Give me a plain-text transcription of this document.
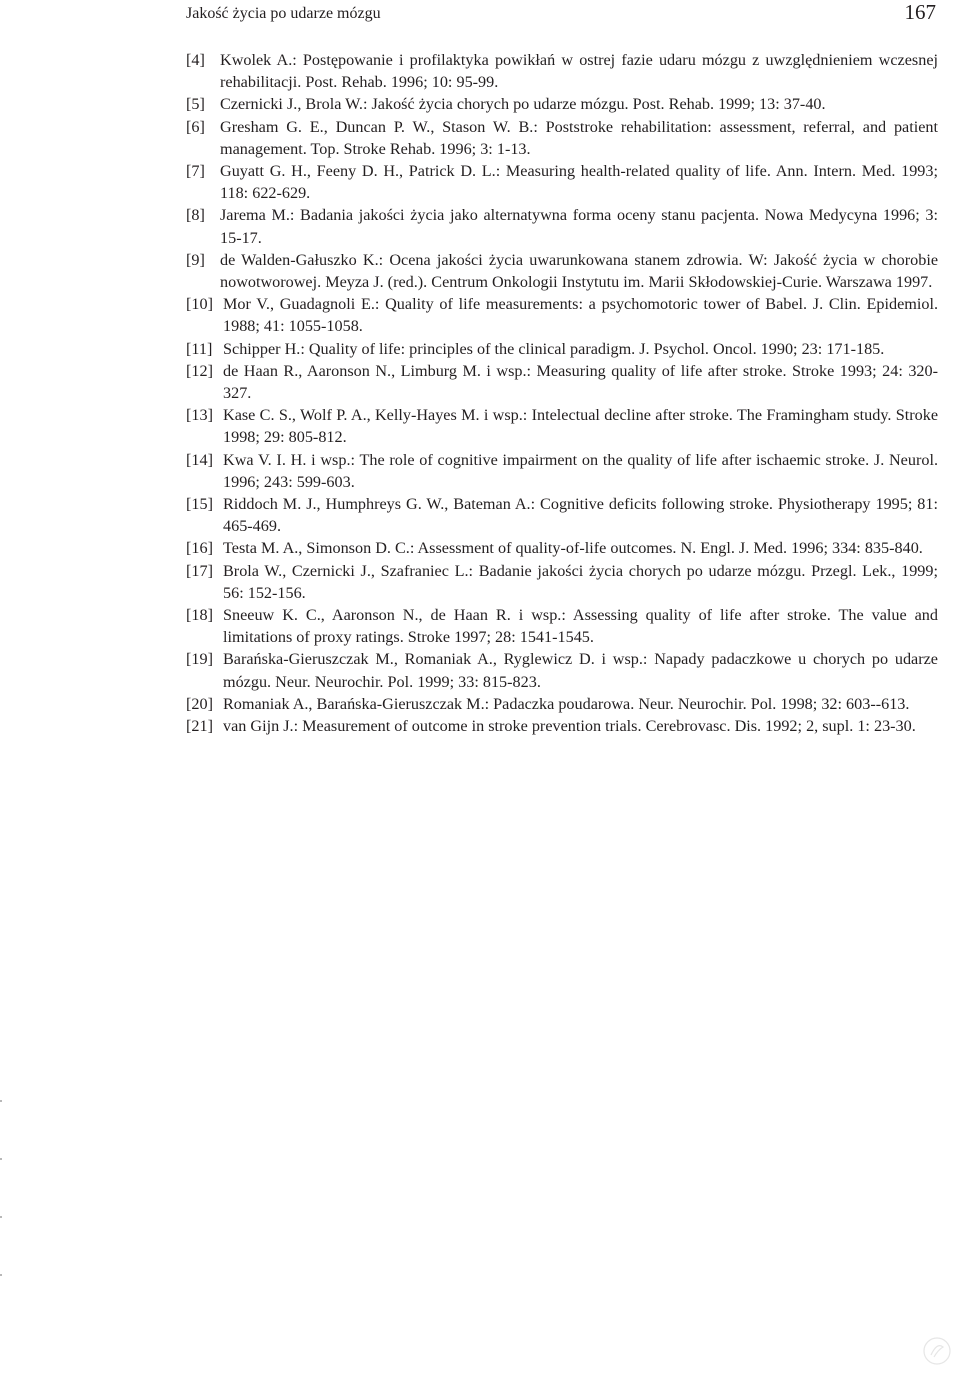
Jakość życia po udarze mózgu	167
[4] Kwolek A.: Postępowanie i profilaktyka powikłań w ostrej fazie udaru mózgu z uwzględnieniem wczesnej rehabilitacji. Post. Rehab. 1996; 10: 95-99.
[5] Czernicki J., Brola W.: Jakość życia chorych po udarze mózgu. Post. Rehab. 1999; 13: 37-40.
[6] Gresham G. E., Duncan P. W., Stason W. B.: Poststroke rehabilitation: assessment, referral, and patient management. Top. Stroke Rehab. 1996; 3: 1-13.
[7] Guyatt G. H., Feeny D. H., Patrick D. L.: Measuring health-related quality of life. Ann. Intern. Med. 1993; 118: 622-629.
[8] Jarema M.: Badania jakości życia jako alternatywna forma oceny stanu pacjenta. Nowa Medycyna 1996; 3: 15-17.
[9] de Walden-Gałuszko K.: Ocena jakości życia uwarunkowana stanem zdrowia. W: Jakość życia w chorobie nowotworowej. Meyza J. (red.). Centrum Onkologii Instytutu im. Marii Skłodowskiej-Curie. Warszawa 1997.
[10] Mor V., Guadagnoli E.: Quality of life measurements: a psychomotoric tower of Babel. J. Clin. Epidemiol. 1988; 41: 1055-1058.
[11] Schipper H.: Quality of life: principles of the clinical paradigm. J. Psychol. Oncol. 1990; 23: 171-185.
[12] de Haan R., Aaronson N., Limburg M. i wsp.: Measuring quality of life after stroke. Stroke 1993; 24: 320-327.
[13] Kase C. S., Wolf P. A., Kelly-Hayes M. i wsp.: Intelectual decline after stroke. The Framingham study. Stroke 1998; 29: 805-812.
[14] Kwa V. I. H. i wsp.: The role of cognitive impairment on the quality of life after ischaemic stroke. J. Neurol. 1996; 243: 599-603.
[15] Riddoch M. J., Humphreys G. W., Bateman A.: Cognitive deficits following stroke. Physiotherapy 1995; 81: 465-469.
[16] Testa M. A., Simonson D. C.: Assessment of quality-of-life outcomes. N. Engl. J. Med. 1996; 334: 835-840.
[17] Brola W., Czernicki J., Szafraniec L.: Badanie jakości życia chorych po udarze mózgu. Przegl. Lek., 1999; 56: 152-156.
[18] Sneeuw K. C., Aaronson N., de Haan R. i wsp.: Assessing quality of life after stroke. The value and limitations of proxy ratings. Stroke 1997; 28: 1541-1545.
[19] Barańska-Gieruszczak M., Romaniak A., Ryglewicz D. i wsp.: Napady padaczkowe u chorych po udarze mózgu. Neur. Neurochir. Pol. 1999; 33: 815-823.
[20] Romaniak A., Barańska-Gieruszczak M.: Padaczka poudarowa. Neur. Neurochir. Pol. 1998; 32: 603--613.
[21] van Gijn J.: Measurement of outcome in stroke prevention trials. Cerebrovasc. Dis. 1992; 2, supl. 1: 23-30.
